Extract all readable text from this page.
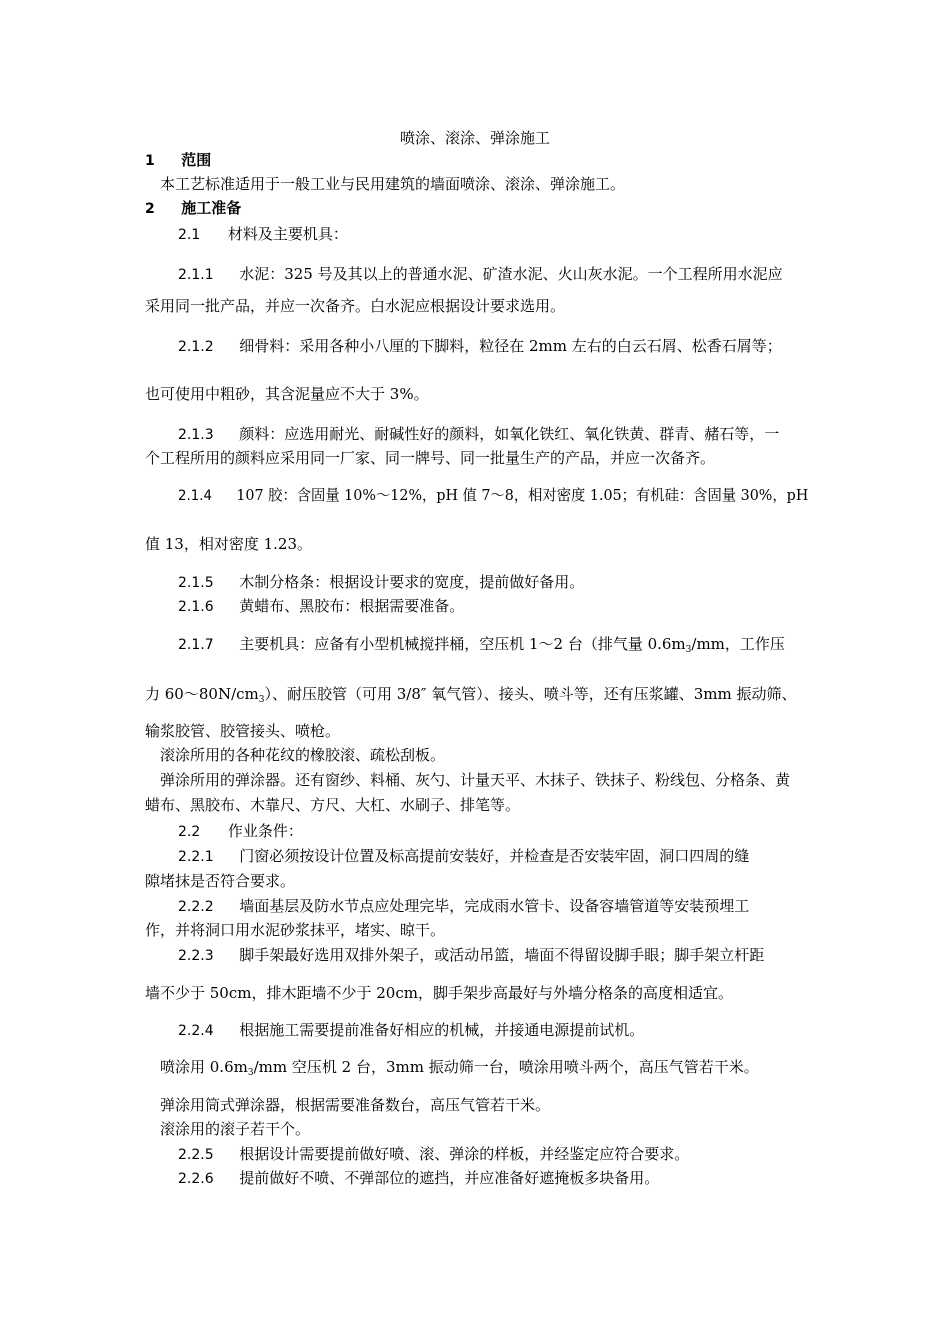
喷涂、滚涂、弹涂施工
1 范围
本工艺标准适用于一般工业与民用建筑的墙面喷涂、滚涂、弹涂施工。
2 施工准备
2.1 材料及主要机具：
2.1.1 水泥：325 号及其以上的普通水泥、矿渣水泥、火山灰水泥。一个工程所用水泥应
采用同一批产品，并应一次备齐。白水泥应根据设计要求选用。
2.1.2 细骨料：采用各种小八厘的下脚料，粒径在 2mm 左右的白云石屑、松香石屑等；
也可使用中粗砂，其含泥量应不大于 3%。
2.1.3 颜料：应选用耐光、耐碱性好的颜料，如氧化铁红、氧化铁黄、群青、赭石等，一
个工程所用的颜料应采用同一厂家、同一牌号、同一批量生产的产品，并应一次备齐。
2.1.4 107 胶：含固量 10%～12%，pH 值 7～8，相对密度 1.05；有机硅：含固量 30%，pH
值 13，相对密度 1.23。
2.1.5 木制分格条：根据设计要求的宽度，提前做好备用。
2.1.6 黄蜡布、黑胶布：根据需要准备。
2.1.7 主要机具：应备有小型机械搅拌桶，空压机 1～2 台（排气量 $0.6m_3/mm$，工作压
力 $60\sim 80N/cm_3$）、耐压胶管（可用 3/8″ 氧气管）、接头、喷斗等，还有压浆罐、3mm 振动筛、
输浆胶管、胶管接头、喷枪。
滚涂所用的各种花纹的橡胶滚、疏松刮板。
弹涂所用的弹涂器。还有窗纱、料桶、灰勺、计量天平、木抹子、铁抹子、粉线包、分格条、黄
蜡布、黑胶布、木靠尺、方尺、大杠、水刷子、排笔等。
2.2 作业条件：
2.2.1 门窗必须按设计位置及标高提前安装好，并检查是否安装牢固，洞口四周的缝
隙堵抹是否符合要求。
2.2.2 墙面基层及防水节点应处理完毕，完成雨水管卡、设备容墙管道等安装预埋工
作，并将洞口用水泥砂浆抹平，堵实、晾干。
2.2.3 脚手架最好选用双排外架子，或活动吊篮，墙面不得留设脚手眼；脚手架立杆距
墙不少于 50cm，排木距墙不少于 20cm，脚手架步高最好与外墙分格条的高度相适宜。
2.2.4 根据施工需要提前准备好相应的机械，并接通电源提前试机。
喷涂用 $0.6m_3/mm$ 空压机 2 台，3mm 振动筛一台，喷涂用喷斗两个，高压气管若干米。
弹涂用筒式弹涂器，根据需要准备数台，高压气管若干米。
滚涂用的滚子若干个。
2.2.5 根据设计需要提前做好喷、滚、弹涂的样板，并经鉴定应符合要求。
2.2.6 提前做好不喷、不弹部位的遮挡，并应准备好遮掩板多块备用。
